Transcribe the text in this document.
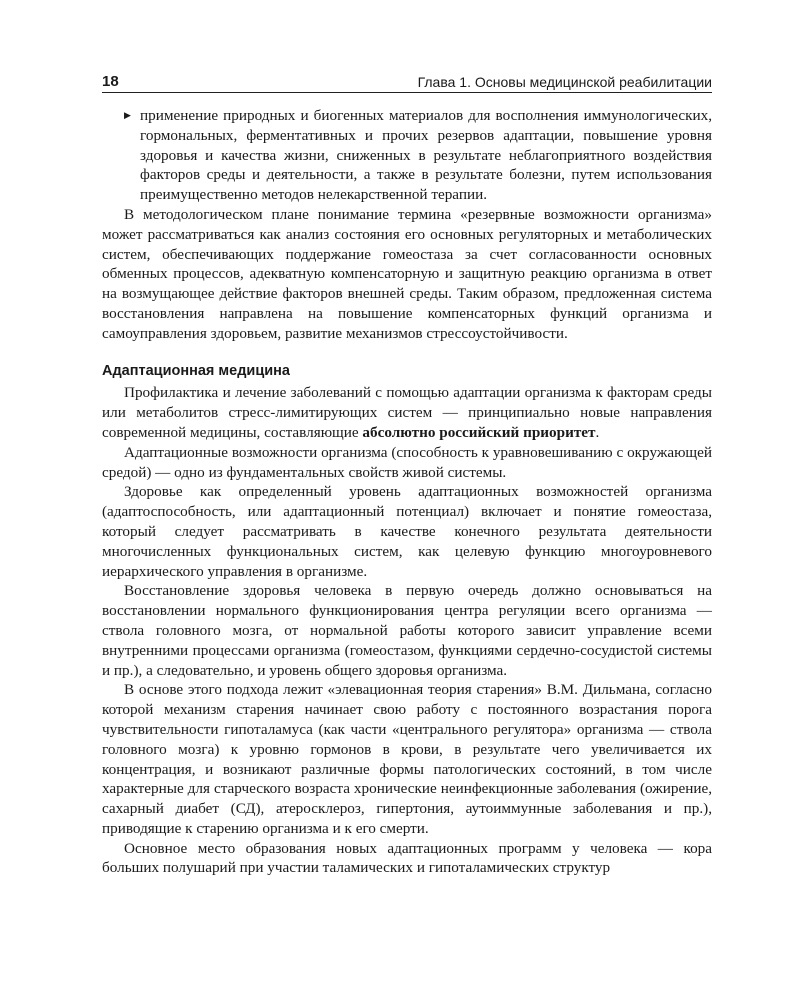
18	Глава 1. Основы медицинской реабилитации
▶ применение природных и биогенных материалов для восполнения иммунологических, гормональных, ферментативных и прочих резервов адаптации, повышение уровня здоровья и качества жизни, сниженных в результате неблагоприятного воздействия факторов среды и деятельности, а также в результате болезни, путем использования преимущественно методов нелекарственной терапии.

В методологическом плане понимание термина «резервные возможности организма» может рассматриваться как анализ состояния его основных регуляторных и метаболических систем, обеспечивающих поддержание гомеостаза за счет согласованности основных обменных процессов, адекватную компенсаторную и защитную реакцию организма в ответ на возмущающее действие факторов внешней среды. Таким образом, предложенная система восстановления направлена на повышение компенсаторных функций организма и самоуправления здоровьем, развитие механизмов стрессоустойчивости.

Адаптационная медицина

Профилактика и лечение заболеваний с помощью адаптации организма к факторам среды или метаболитов стресс-лимитирующих систем — принципиально новые направления современной медицины, составляющие абсолютно российский приоритет.

Адаптационные возможности организма (способность к уравновешиванию с окружающей средой) — одно из фундаментальных свойств живой системы.

Здоровье как определенный уровень адаптационных возможностей организма (адаптоспособность, или адаптационный потенциал) включает и понятие гомеостаза, который следует рассматривать в качестве конечного результата деятельности многочисленных функциональных систем, как целевую функцию многоуровневого иерархического управления в организме.

Восстановление здоровья человека в первую очередь должно основываться на восстановлении нормального функционирования центра регуляции всего организма — ствола головного мозга, от нормальной работы которого зависит управление всеми внутренними процессами организма (гомеостазом, функциями сердечно-сосудистой системы и пр.), а следовательно, и уровень общего здоровья организма.

В основе этого подхода лежит «элевационная теория старения» В.М. Дильмана, согласно которой механизм старения начинает свою работу с постоянного возрастания порога чувствительности гипоталамуса (как части «центрального регулятора» организма — ствола головного мозга) к уровню гормонов в крови, в результате чего увеличивается их концентрация, и возникают различные формы патологических состояний, в том числе характерные для старческого возраста хронические неинфекционные заболевания (ожирение, сахарный диабет (СД), атеросклероз, гипертония, аутоиммунные заболевания и пр.), приводящие к старению организма и к его смерти.

Основное место образования новых адаптационных программ у человека — кора больших полушарий при участии таламических и гипоталамических структур
